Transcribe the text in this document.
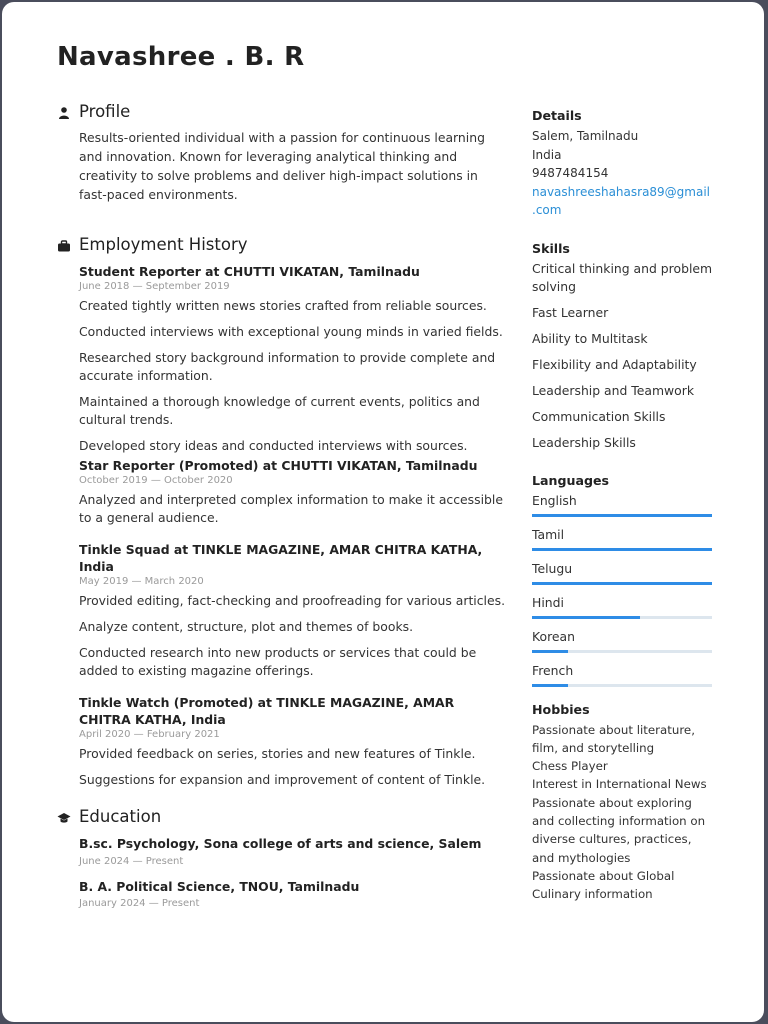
Navashree . B. R
Profile
Results-oriented individual with a passion for continuous learning and innovation. Known for leveraging analytical thinking and creativity to solve problems and deliver high-impact solutions in fast-paced environments.
Employment History
Student Reporter at CHUTTI VIKATAN, Tamilnadu
June 2018 — September 2019
Created tightly written news stories crafted from reliable sources.
Conducted interviews with exceptional young minds in varied fields.
Researched story background information to provide complete and accurate information.
Maintained a thorough knowledge of current events, politics and cultural trends.
Developed story ideas and conducted interviews with sources.
Star Reporter (Promoted) at CHUTTI VIKATAN, Tamilnadu
October 2019 — October 2020
Analyzed and interpreted complex information to make it accessible to a general audience.
Tinkle Squad at TINKLE MAGAZINE, AMAR CHITRA KATHA, India
May 2019 — March 2020
Provided editing, fact-checking and proofreading for various articles.
Analyze content, structure, plot and themes of books.
Conducted research into new products or services that could be added to existing magazine offerings.
Tinkle Watch (Promoted) at TINKLE MAGAZINE, AMAR CHITRA KATHA, India
April 2020 — February 2021
Provided feedback on series, stories and new features of Tinkle.
Suggestions for expansion and improvement of content of Tinkle.
Education
B.sc. Psychology, Sona college of arts and science, Salem
June 2024 — Present
B. A. Political Science, TNOU, Tamilnadu
January 2024 — Present
Details
Salem, Tamilnadu
India
9487484154
navashreeshahasra89@gmail
.com
Skills
Critical thinking and problem solving
Fast Learner
Ability to Multitask
Flexibility and Adaptability
Leadership and Teamwork
Communication Skills
Leadership Skills
Languages
English
Tamil
Telugu
Hindi
Korean
French
Hobbies
Passionate about literature, film, and storytelling
Chess Player
Interest in International News
Passionate about exploring and collecting information on diverse cultures, practices, and mythologies
Passionate about Global Culinary information
